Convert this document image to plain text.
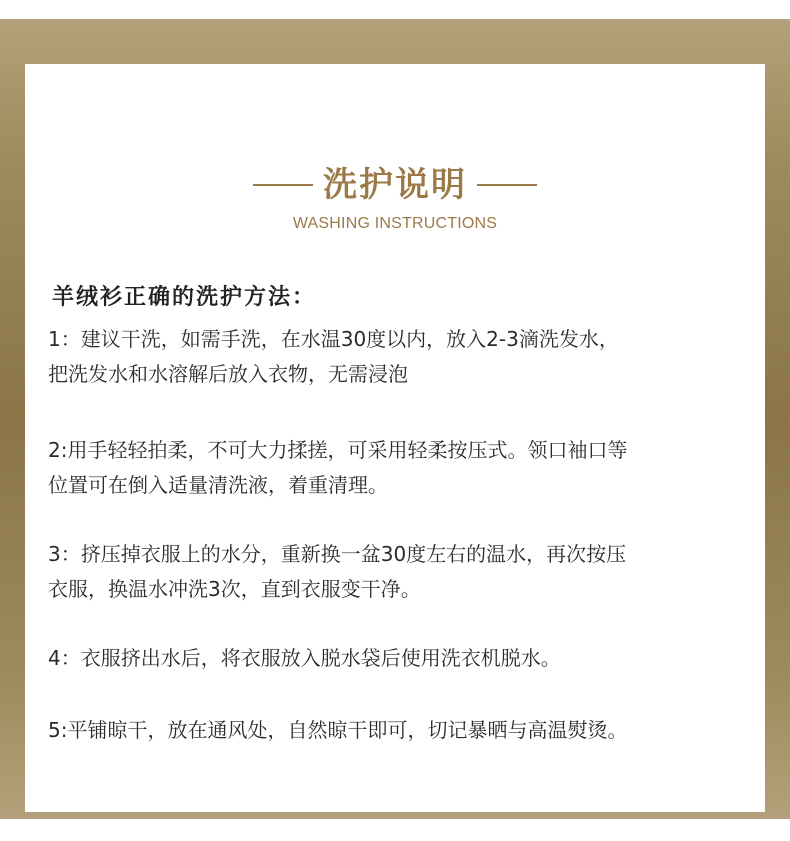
洗护说明
WASHING INSTRUCTIONS
羊绒衫正确的洗护方法：

1：建议干洗，如需手洗，在水温30度以内，放入2-3滴洗发水，

把洗发水和水溶解后放入衣物，无需浸泡

2:用手轻轻拍柔，不可大力揉搓，可采用轻柔按压式。领口袖口等

位置可在倒入适量清洗液，着重清理。

3：挤压掉衣服上的水分，重新换一盆30度左右的温水，再次按压

衣服，换温水冲洗3次，直到衣服变干净。

4：衣服挤出水后，将衣服放入脱水袋后使用洗衣机脱水。

5:平铺晾干，放在通风处，自然晾干即可，切记暴晒与高温熨烫。
